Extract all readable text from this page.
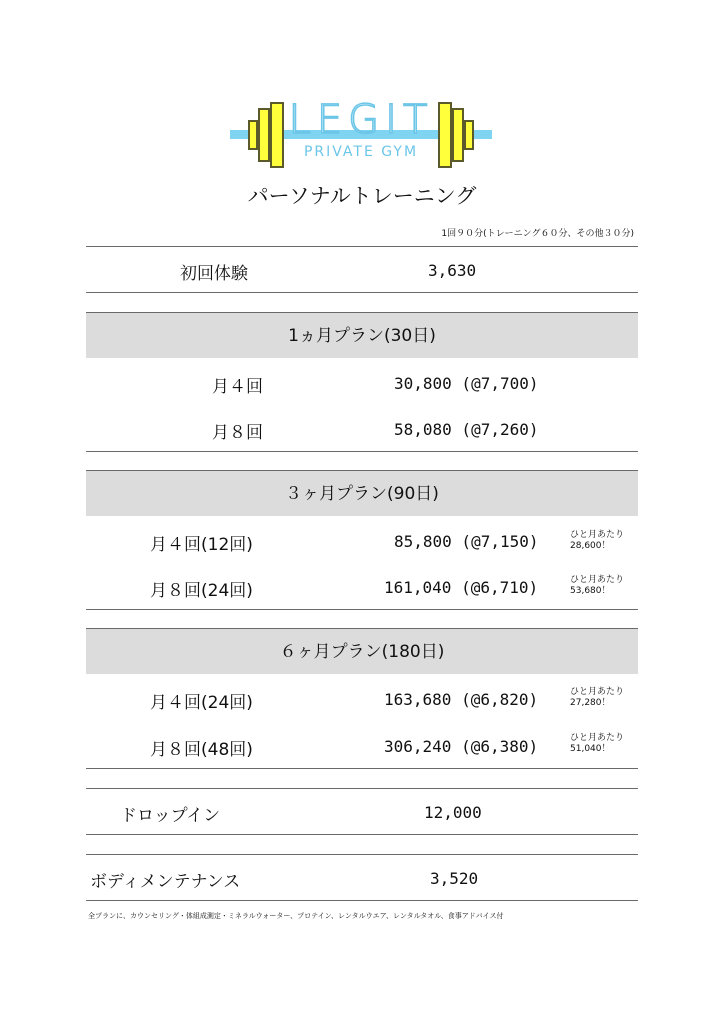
LEGIT
PRIVATE GYM
パーソナルトレーニング
1回９０分(トレーニング６０分、その他３０分)
初回体験	3,630
1ヵ月プラン(30日)
月４回	30,800 (@7,700)
月８回	58,080 (@7,260)
３ヶ月プラン(90日)
月４回(12回)	85,800 (@7,150)	ひと月あたり
28,600！
月８回(24回)	161,040 (@6,710)	ひと月あたり
53,680！
６ヶ月プラン(180日)
月４回(24回)	163,680 (@6,820)	ひと月あたり
27,280！
月８回(48回)	306,240 (@6,380)	ひと月あたり
51,040！
ドロップイン	12,000
ボディメンテナンス	3,520
全プランに、カウンセリング・体組成測定・ミネラルウォーター、プロテイン、レンタルウエア、レンタルタオル、食事アドバイス付
